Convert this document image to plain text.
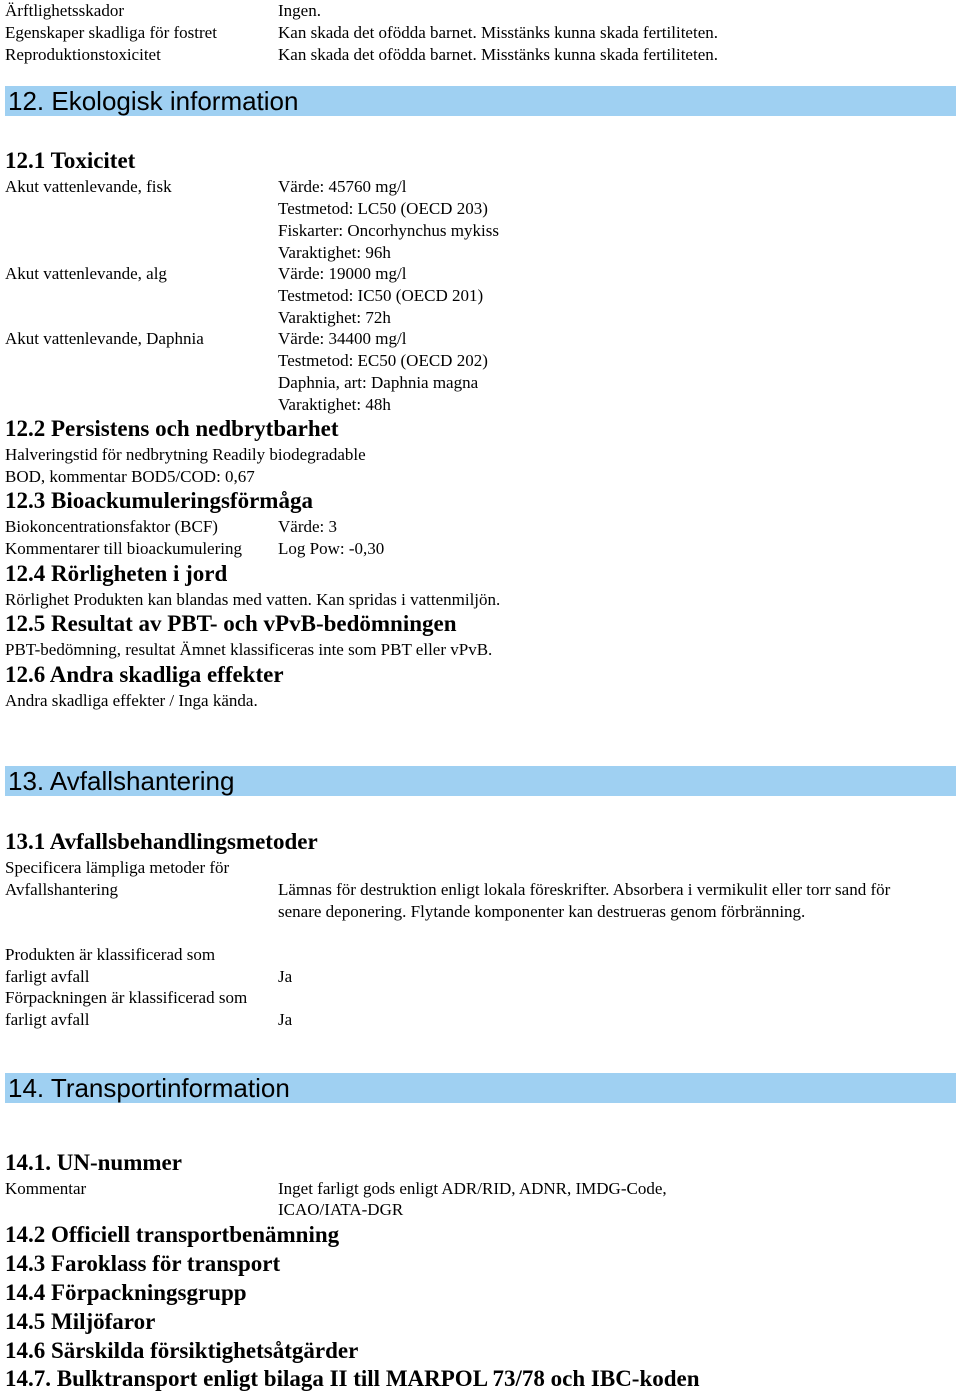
Ärftlighetsskador	Ingen.
Egenskaper skadliga för fostret	Kan skada det ofödda barnet. Misstänks kunna skada fertiliteten.
Reproduktionstoxicitet	Kan skada det ofödda barnet. Misstänks kunna skada fertiliteten.
12. Ekologisk information
12.1 Toxicitet
Akut vattenlevande, fisk	Värde: 45760 mg/l
Testmetod: LC50 (OECD 203)
Fiskarter: Oncorhynchus mykiss
Varaktighet: 96h
Akut vattenlevande, alg	Värde: 19000 mg/l
Testmetod: IC50 (OECD 201)
Varaktighet: 72h
Akut vattenlevande, Daphnia	Värde: 34400 mg/l
Testmetod: EC50 (OECD 202)
Daphnia, art: Daphnia magna
Varaktighet: 48h
12.2 Persistens och nedbrytbarhet
Halveringstid för nedbrytning Readily biodegradable
BOD, kommentar BOD5/COD: 0,67
12.3 Bioackumuleringsförmåga
Biokoncentrationsfaktor (BCF)	Värde: 3
Kommentarer till bioackumulering Log Pow: -0,30
12.4 Rörligheten i jord
Rörlighet Produkten kan blandas med vatten. Kan spridas i vattenmiljön.
12.5 Resultat av PBT- och vPvB-bedömningen
PBT-bedömning, resultat Ämnet klassificeras inte som PBT eller vPvB.
12.6 Andra skadliga effekter
Andra skadliga effekter / Inga kända.
13. Avfallshantering
13.1 Avfallsbehandlingsmetoder
Specificera lämpliga metoder för
Avfallshantering	Lämnas för destruktion enligt lokala föreskrifter. Absorbera i vermikulit eller torr sand för senare deponering. Flytande komponenter kan destrueras genom förbränning.
Produkten är klassificerad som
farligt avfall	Ja
Förpackningen är klassificerad som
farligt avfall	Ja
14. Transportinformation
14.1. UN-nummer
Kommentar	Inget farligt gods enligt ADR/RID, ADNR, IMDG-Code,
ICAO/IATA-DGR
14.2 Officiell transportbenämning
14.3 Faroklass för transport
14.4 Förpackningsgrupp
14.5 Miljöfaror
14.6 Särskilda försiktighetsåtgärder
14.7. Bulktransport enligt bilaga II till MARPOL 73/78 och IBC-koden
